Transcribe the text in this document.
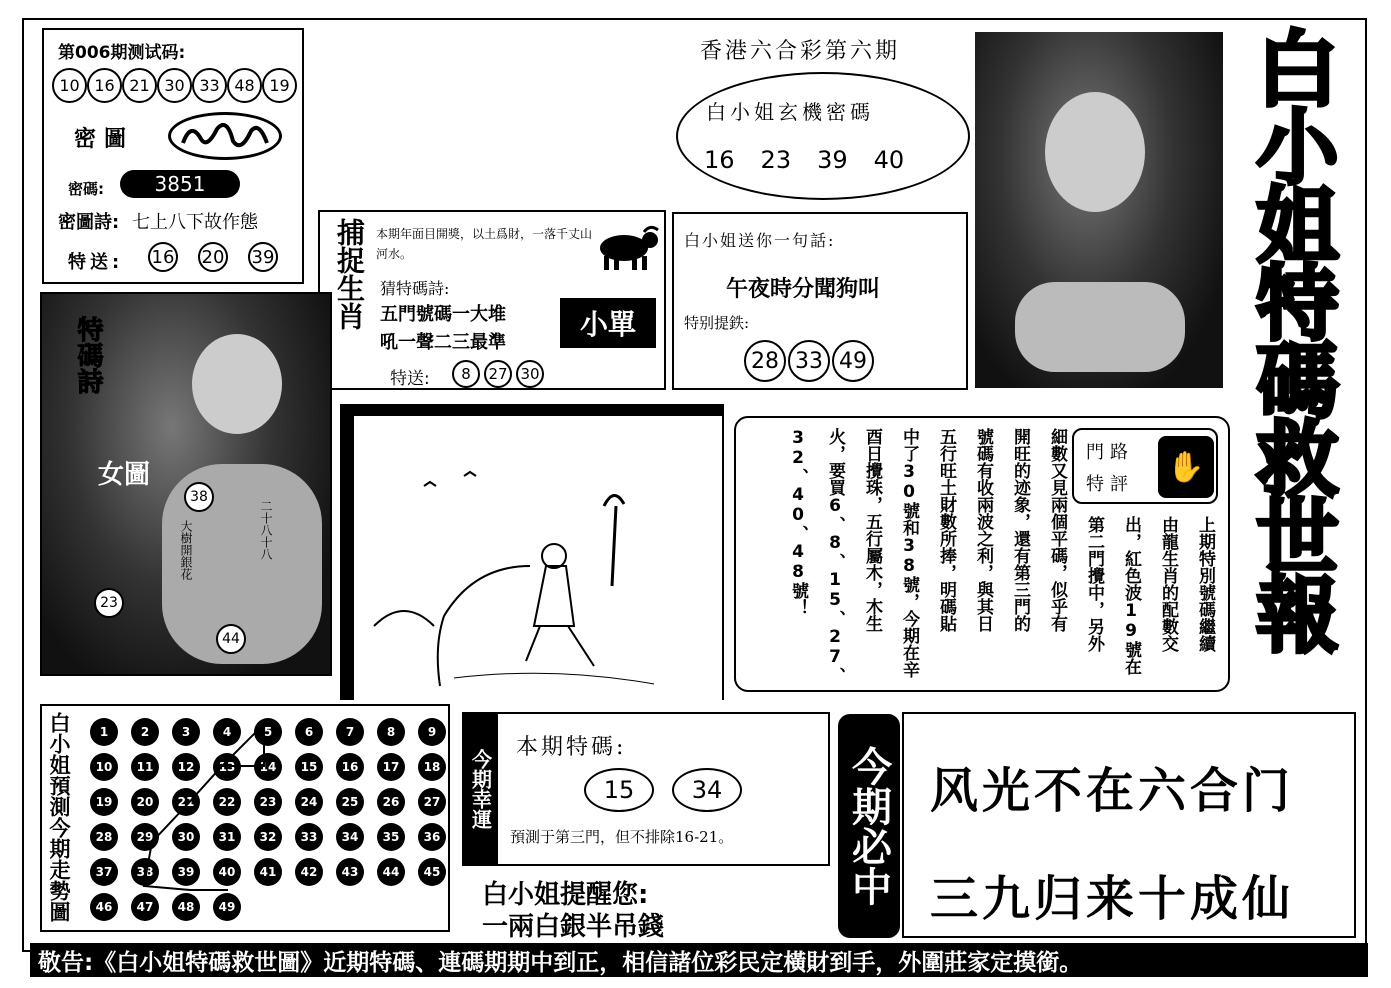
第006期测试码:
10 16 21 30 33 48 19
密圖
密碼:	3851
密圖詩: 七上八下故作態
特送: 16 20 39
香港六合彩第六期
白小姐玄機密碼
16 23 39 40	白小姐特碼救世報
捕捉生肖 本期年面目開獎，以土爲財，一落千丈山河水。
猜特碼詩:
五門號碼一大堆
吼一聲二三最準
小單
特送:	8	27 30
白小姐送你一句話:
午夜時分聞狗叫
特别提鉄:
28 33 49
特碼詩
女圖
大樹開銀花	二十八十八
38
23
44
門路
特評	✋
上期特別號碼繼續
由龍生肖的配數交
出，紅色波19號在
第二門攪中，另外
細數又見兩個平碼，似乎有
開旺的迹象，還有第三門的
號碼有收兩波之利，與其日
五行旺土財數所捧，明碼貼
中了30號和38號，今期在辛
酉日攪珠，五行屬木，木生
火，要買6、8、15、27、
32、40、48號！
白小姐預測今期走勢圖	1	2	3	4	5	6	7	8	9
10	11	12	13	14	15	16	17	18
19	20	21	22	23	24	25	26	27
28	29	30	31	32	33	34	35	36
37	38	39	40	41	42	43	44	45
46	47	48	49
今期幸運
本期特碼:
15	34
預測于第三門，但不排除16-21。
白小姐提醒您:
一兩白銀半吊錢
今期必中 风光不在六合门
三九归来十成仙
敬告:《白小姐特碼救世圖》近期特碼、連碼期期中到正，相信諸位彩民定橫財到手，外圍莊家定摸銜。
